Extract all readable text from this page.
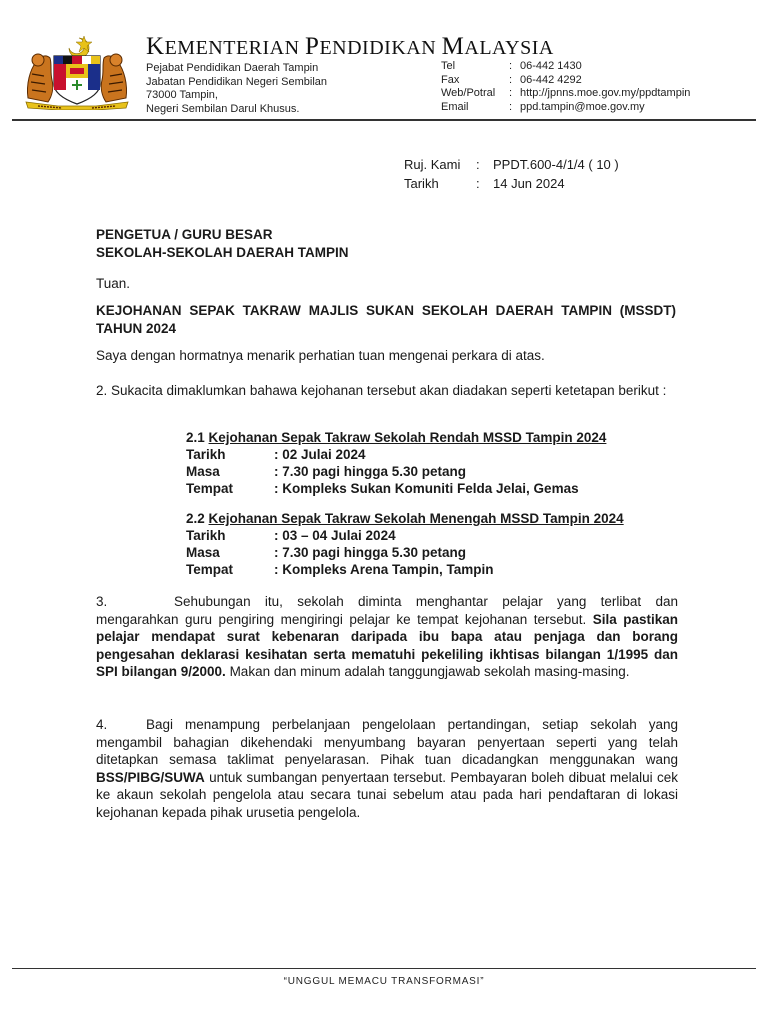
KEMENTERIAN PENDIDIKAN MALAYSIA
Pejabat Pendidikan Daerah Tampin
Jabatan Pendidikan Negeri Sembilan
73000 Tampin,
Negeri Sembilan Darul Khusus.
Tel	: 06-442 1430
Fax	: 06-442 4292
Web/Potral	: http://jpnns.moe.gov.my/ppdtampin
Email	: ppd.tampin@moe.gov.my
Ruj. Kami	:	PPDT.600-4/1/4 ( 10 )
Tarikh	:	14 Jun 2024
PENGETUA / GURU BESAR
SEKOLAH-SEKOLAH DAERAH TAMPIN
Tuan.
KEJOHANAN SEPAK TAKRAW MAJLIS SUKAN SEKOLAH DAERAH TAMPIN (MSSDT) TAHUN 2024
Saya dengan hormatnya menarik perhatian tuan mengenai perkara di atas.
2. Sukacita dimaklumkan bahawa kejohanan tersebut akan diadakan seperti ketetapan berikut :
2.1 Kejohanan Sepak Takraw Sekolah Rendah MSSD Tampin 2024
Tarikh	: 02 Julai 2024
Masa	: 7.30 pagi hingga 5.30 petang
Tempat	: Kompleks Sukan Komuniti Felda Jelai, Gemas
2.2 Kejohanan Sepak Takraw Sekolah Menengah MSSD Tampin 2024
Tarikh	: 03 – 04 Julai 2024
Masa	: 7.30 pagi hingga 5.30 petang
Tempat	: Kompleks Arena Tampin, Tampin
3.	Sehubungan itu, sekolah diminta menghantar pelajar yang terlibat dan mengarahkan guru pengiring mengiringi pelajar ke tempat kejohanan tersebut. Sila pastikan pelajar mendapat surat kebenaran daripada ibu bapa atau penjaga dan borang pengesahan deklarasi kesihatan serta mematuhi pekeliling ikhtisas bilangan 1/1995 dan SPI bilangan 9/2000. Makan dan minum adalah tanggungjawab sekolah masing-masing.
4.	Bagi menampung perbelanjaan pengelolaan pertandingan, setiap sekolah yang mengambil bahagian dikehendaki menyumbang bayaran penyertaan seperti yang telah ditetapkan semasa taklimat penyelarasan. Pihak tuan dicadangkan menggunakan wang BSS/PIBG/SUWA untuk sumbangan penyertaan tersebut. Pembayaran boleh dibuat melalui cek ke akaun sekolah pengelola atau secara tunai sebelum atau pada hari pendaftaran di lokasi kejohanan kepada pihak urusetia pengelola.
“UNGGUL MEMACU TRANSFORMASI”
